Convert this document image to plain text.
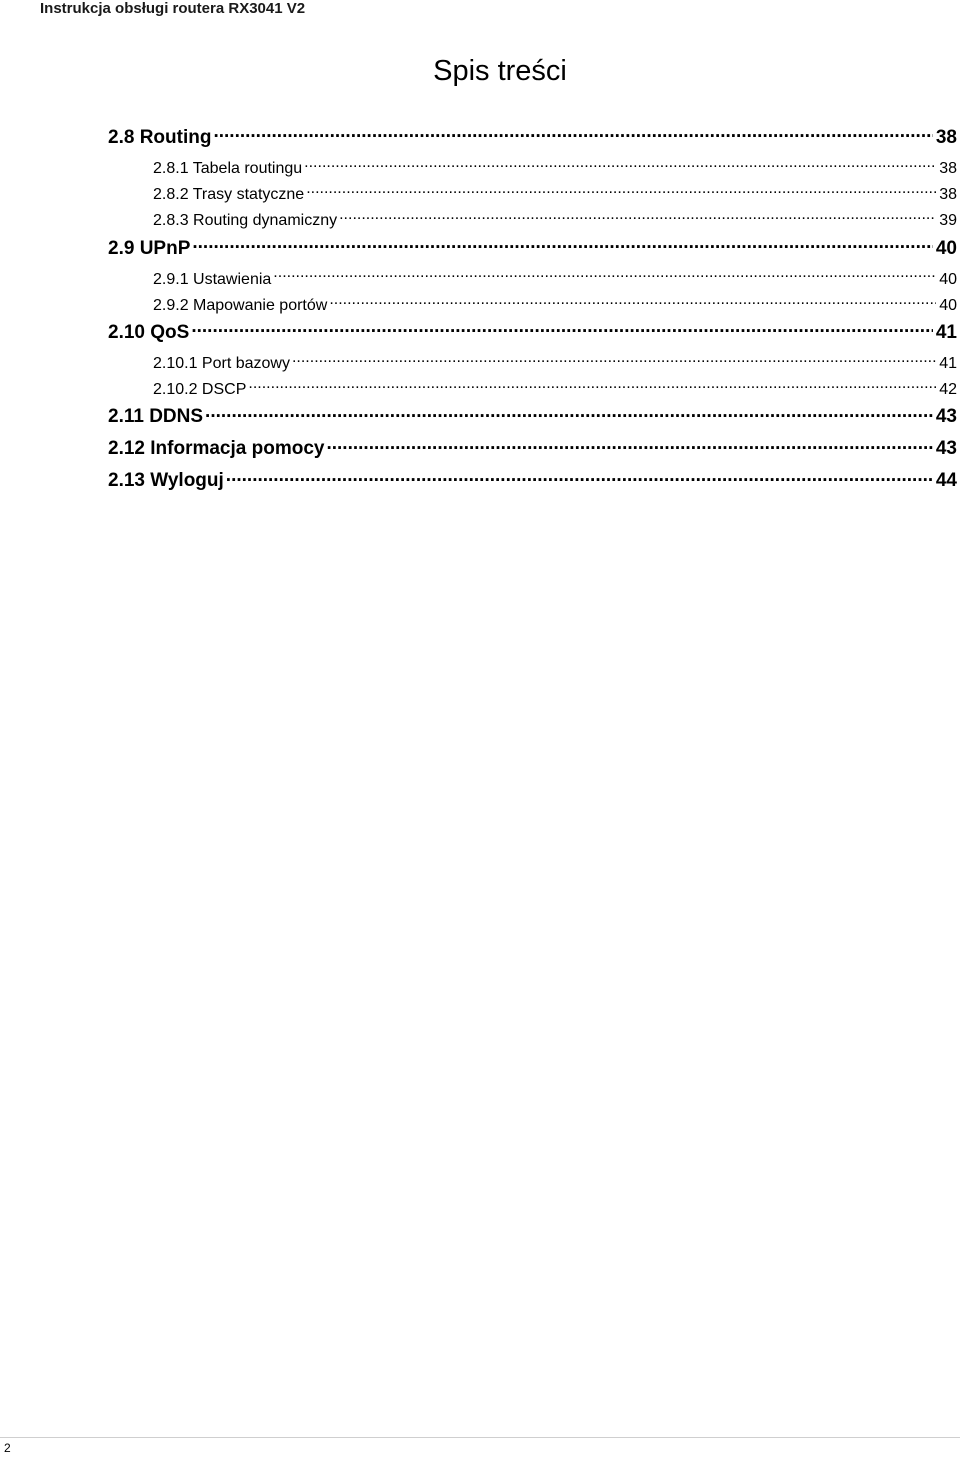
Instrukcja obsługi routera RX3041 V2
Spis treści
2.8 Routing .....	38
2.8.1 Tabela routingu .....	38
2.8.2 Trasy statyczne .....	38
2.8.3 Routing dynamiczny .....	39
2.9 UPnP .....	40
2.9.1 Ustawienia .....	40
2.9.2 Mapowanie portów .....	40
2.10 QoS .....	41
2.10.1 Port bazowy .....	41
2.10.2 DSCP .....	42
2.11 DDNS .....	43
2.12 Informacja pomocy .....	43
2.13 Wyloguj .....	44
2
